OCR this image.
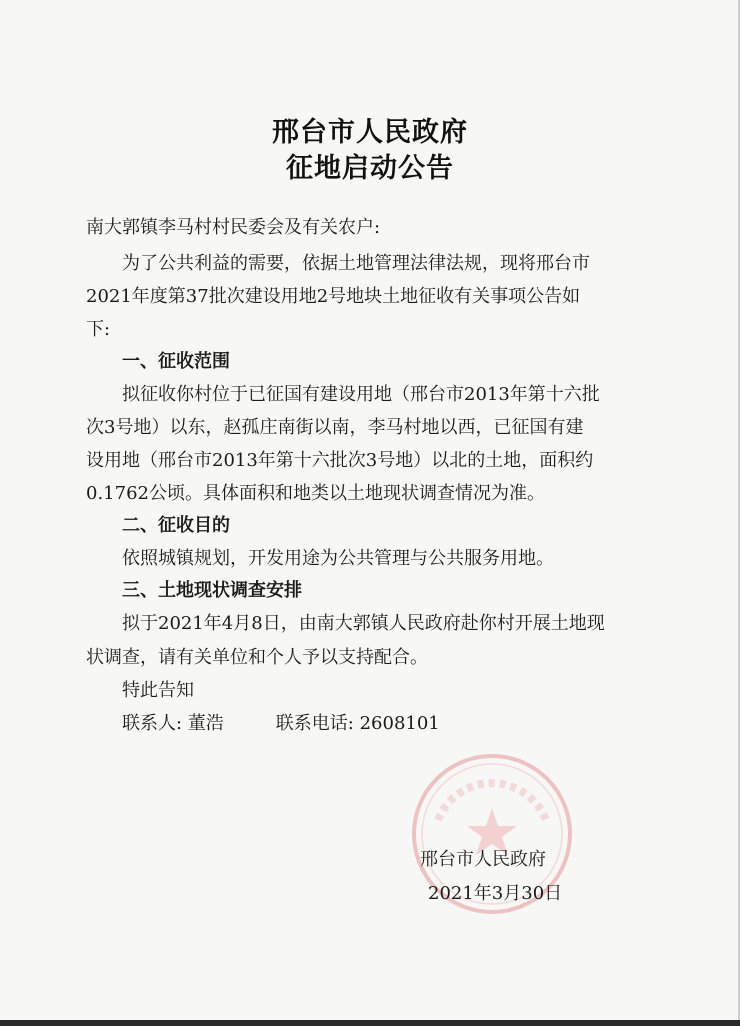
邢台市人民政府
征地启动公告
南大郭镇李马村村民委会及有关农户:
为了公共利益的需要，依据土地管理法律法规，现将邢台市
2021年度第37批次建设用地2号地块土地征收有关事项公告如
下:
一、征收范围
拟征收你村位于已征国有建设用地（邢台市2013年第十六批
次3号地）以东，赵孤庄南街以南，李马村地以西，已征国有建
设用地（邢台市2013年第十六批次3号地）以北的土地，面积约
0.1762公顷。具体面积和地类以土地现状调查情况为准。
二、征收目的
依照城镇规划，开发用途为公共管理与公共服务用地。
三、土地现状调查安排
拟于2021年4月8日，由南大郭镇人民政府赴你村开展土地现
状调查，请有关单位和个人予以支持配合。
特此告知
联系人: 董浩	联系电话: 2608101
邢台市人民政府
2021年3月30日
